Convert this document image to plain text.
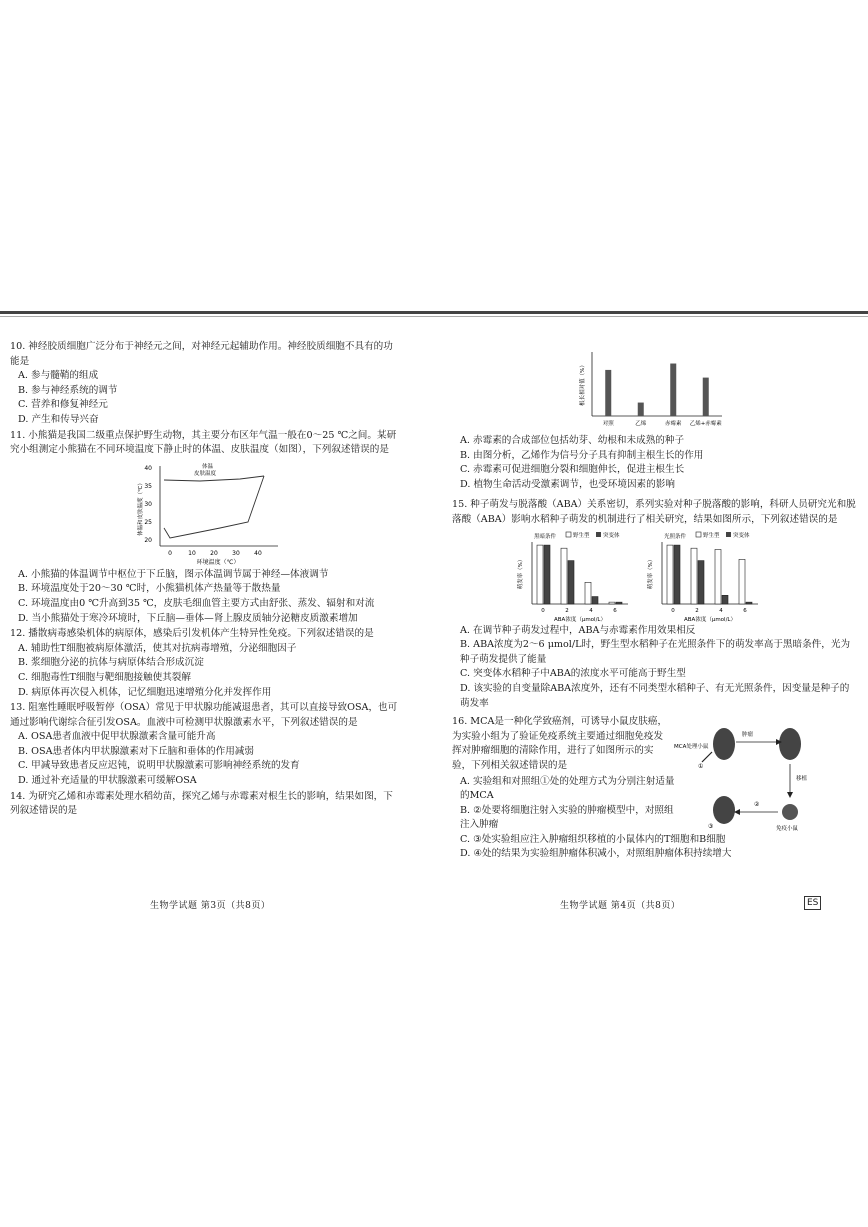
10. 神经胶质细胞广泛分布于神经元之间，对神经元起辅助作用。神经胶质细胞不具有的功能是

A. 参与髓鞘的组成
B. 参与神经系统的调节
C. 营养和修复神经元
D. 产生和传导兴奋

11. 小熊猫是我国二级重点保护野生动物，其主要分布区年气温一般在0～25 ℃之间。某研究小组测定小熊猫在不同环境温度下静止时的体温、皮肤温度（如图），下列叙述错误的是

40
35
30
25
20
0	10 20 30 40
体温
皮肤温度
环境温度（℃）
体温和皮肤温度（℃）
A. 小熊猫的体温调节中枢位于下丘脑，图示体温调节属于神经—体液调节
B. 环境温度处于20～30 ℃时，小熊猫机体产热量等于散热量
C. 环境温度由0 ℃升高到35 ℃，皮肤毛细血管主要方式由舒张、蒸发、辐射和对流
D. 当小熊猫处于寒冷环境时，下丘脑—垂体—肾上腺皮质轴分泌糖皮质激素增加

12. 播散病毒感染机体的病原体，感染后引发机体产生特异性免疫。下列叙述错误的是

A. 辅助性T细胞被病原体激活，使其对抗病毒增殖，分泌细胞因子
B. 浆细胞分泌的抗体与病原体结合形成沉淀
C. 细胞毒性T细胞与靶细胞接触使其裂解
D. 病原体再次侵入机体，记忆细胞迅速增殖分化并发挥作用

13. 阻塞性睡眠呼吸暂停（OSA）常见于甲状腺功能减退患者，其可以直接导致OSA，也可通过影响代谢综合征引发OSA。血液中可检测甲状腺激素水平，下列叙述错误的是

A. OSA患者血液中促甲状腺激素含量可能升高
B. OSA患者体内甲状腺激素对下丘脑和垂体的作用减弱
C. 甲减导致患者反应迟钝，说明甲状腺激素可影响神经系统的发育
D. 通过补充适量的甲状腺激素可缓解OSA

14. 为研究乙烯和赤霉素处理水稻幼苗，探究乙烯与赤霉素对根生长的影响，结果如图，下列叙述错误的是

根长相对值（%）
对照	乙烯	赤霉素 乙烯+赤霉素
A. 赤霉素的合成部位包括幼芽、幼根和未成熟的种子
B. 由图分析，乙烯作为信号分子具有抑制主根生长的作用
C. 赤霉素可促进细胞分裂和细胞伸长，促进主根生长
D. 植物生命活动受激素调节，也受环境因素的影响

15. 种子萌发与脱落酸（ABA）关系密切，系列实验对种子脱落酸的影响，科研人员研究光和脱落酸（ABA）影响水稻种子萌发的机制进行了相关研究，结果如图所示，下列叙述错误的是

黑暗条件	野生型 突变体
萌发率（%）
ABA浓度（μmol/L）
0	2	4	6
光照条件	野生型 突变体
萌发率（%）
ABA浓度（μmol/L）
0	2	4	6
A. 在调节种子萌发过程中，ABA与赤霉素作用效果相反
B. ABA浓度为2～6 μmol/L时，野生型水稻种子在光照条件下的萌发率高于黑暗条件，光为种子萌发提供了能量
C. 突变体水稻种子中ABA的浓度水平可能高于野生型
D. 该实验的自变量除ABA浓度外，还有不同类型水稻种子、有无光照条件，因变量是种子的萌发率

16. MCA是一种化学致癌剂，可诱导小鼠皮肤癌，为实验小组为了验证免疫系统主要通过细胞免疫发挥对肿瘤细胞的清除作用，进行了如图所示的实验，下列相关叙述错误的是

A. 实验组和对照组①处的处理方式为分别注射适量的MCA
B. ②处要将细胞注射入实验的肿瘤模型中，对照组注入肿瘤
C. ③处实验组应注入肿瘤组织移植的小鼠体内的T细胞和B细胞
D. ④处的结果为实验组肿瘤体积减小，对照组肿瘤体积持续增大
MCA处理小鼠
肿瘤
移植
①
②
③	免疫小鼠
生物学试题 第3页（共8页）	生物学试题 第4页（共8页）	ES
